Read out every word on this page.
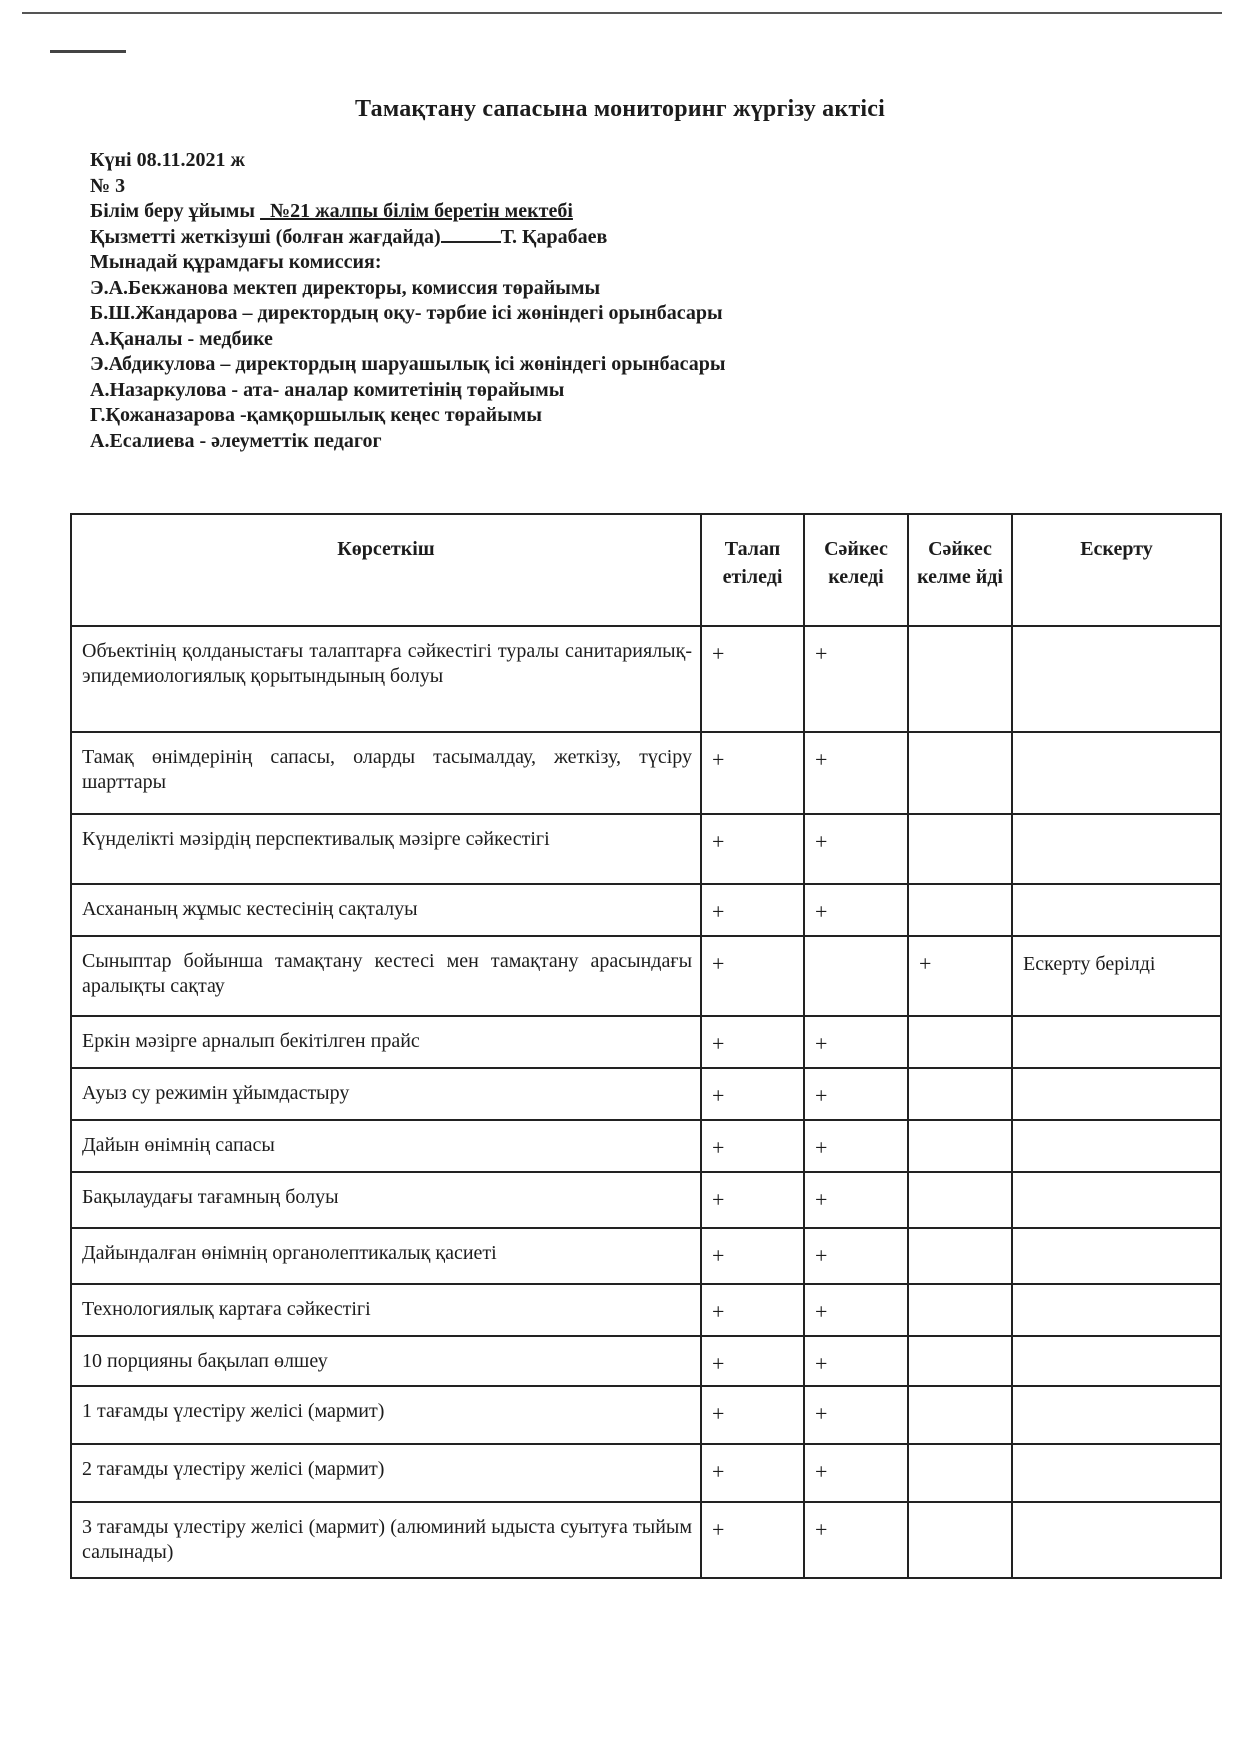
Тамақтану сапасына мониторинг жүргізу актісі
Күні 08.11.2021 ж
№ 3
Білім беру ұйымы №21 жалпы білім беретін мектебі
Қызметті жеткізуші (болған жағдайда)	Т. Қарабаев
Мынадай құрамдағы комиссия:
Э.А.Бекжанова мектеп директоры, комиссия төрайымы
Б.Ш.Жандарова – директордың оқу- тәрбие ісі жөніндегі орынбасары
А.Қаналы - медбике
Э.Абдикулова – директордың шаруашылық ісі жөніндегі орынбасары
А.Назаркулова - ата- аналар комитетінің төрайымы
Г.Қожаназарова -қамқоршылық кеңес төрайымы
А.Есалиева - әлеуметтік педагог
Көрсеткіш	Талап етіледі	Сәйкес келеді	Сәйкес келме йді	Ескерту
Объектінің қолданыстағы талаптарға сәйкестігі туралы санитариялық-эпидемиологиялық қорытындының болуы	+	+		
Тамақ өнімдерінің сапасы, оларды тасымалдау, жеткізу, түсіру шарттары	+	+		
Күнделікті мәзірдің перспективалық мәзірге сәйкестігі	+	+		
Асхананың жұмыс кестесінің сақталуы	+	+		
Сыныптар бойынша тамақтану кестесі мен тамақтану арасындағы аралықты сақтау	+		+	Ескерту берілді
Еркін мәзірге арналып бекітілген прайс	+	+		
Ауыз су режимін ұйымдастыру	+	+		
Дайын өнімнің сапасы	+	+		
Бақылаудағы тағамның болуы	+	+		
Дайындалған өнімнің органолептикалық қасиеті	+	+		
Технологиялық картаға сәйкестігі	+	+		
10 порцияны бақылап өлшеу	+	+		
1 тағамды үлестіру желісі (мармит)	+	+		
2 тағамды үлестіру желісі (мармит)	+	+		
3 тағамды үлестіру желісі (мармит) (алюминий ыдыста суытуға тыйым салынады)	+	+		
